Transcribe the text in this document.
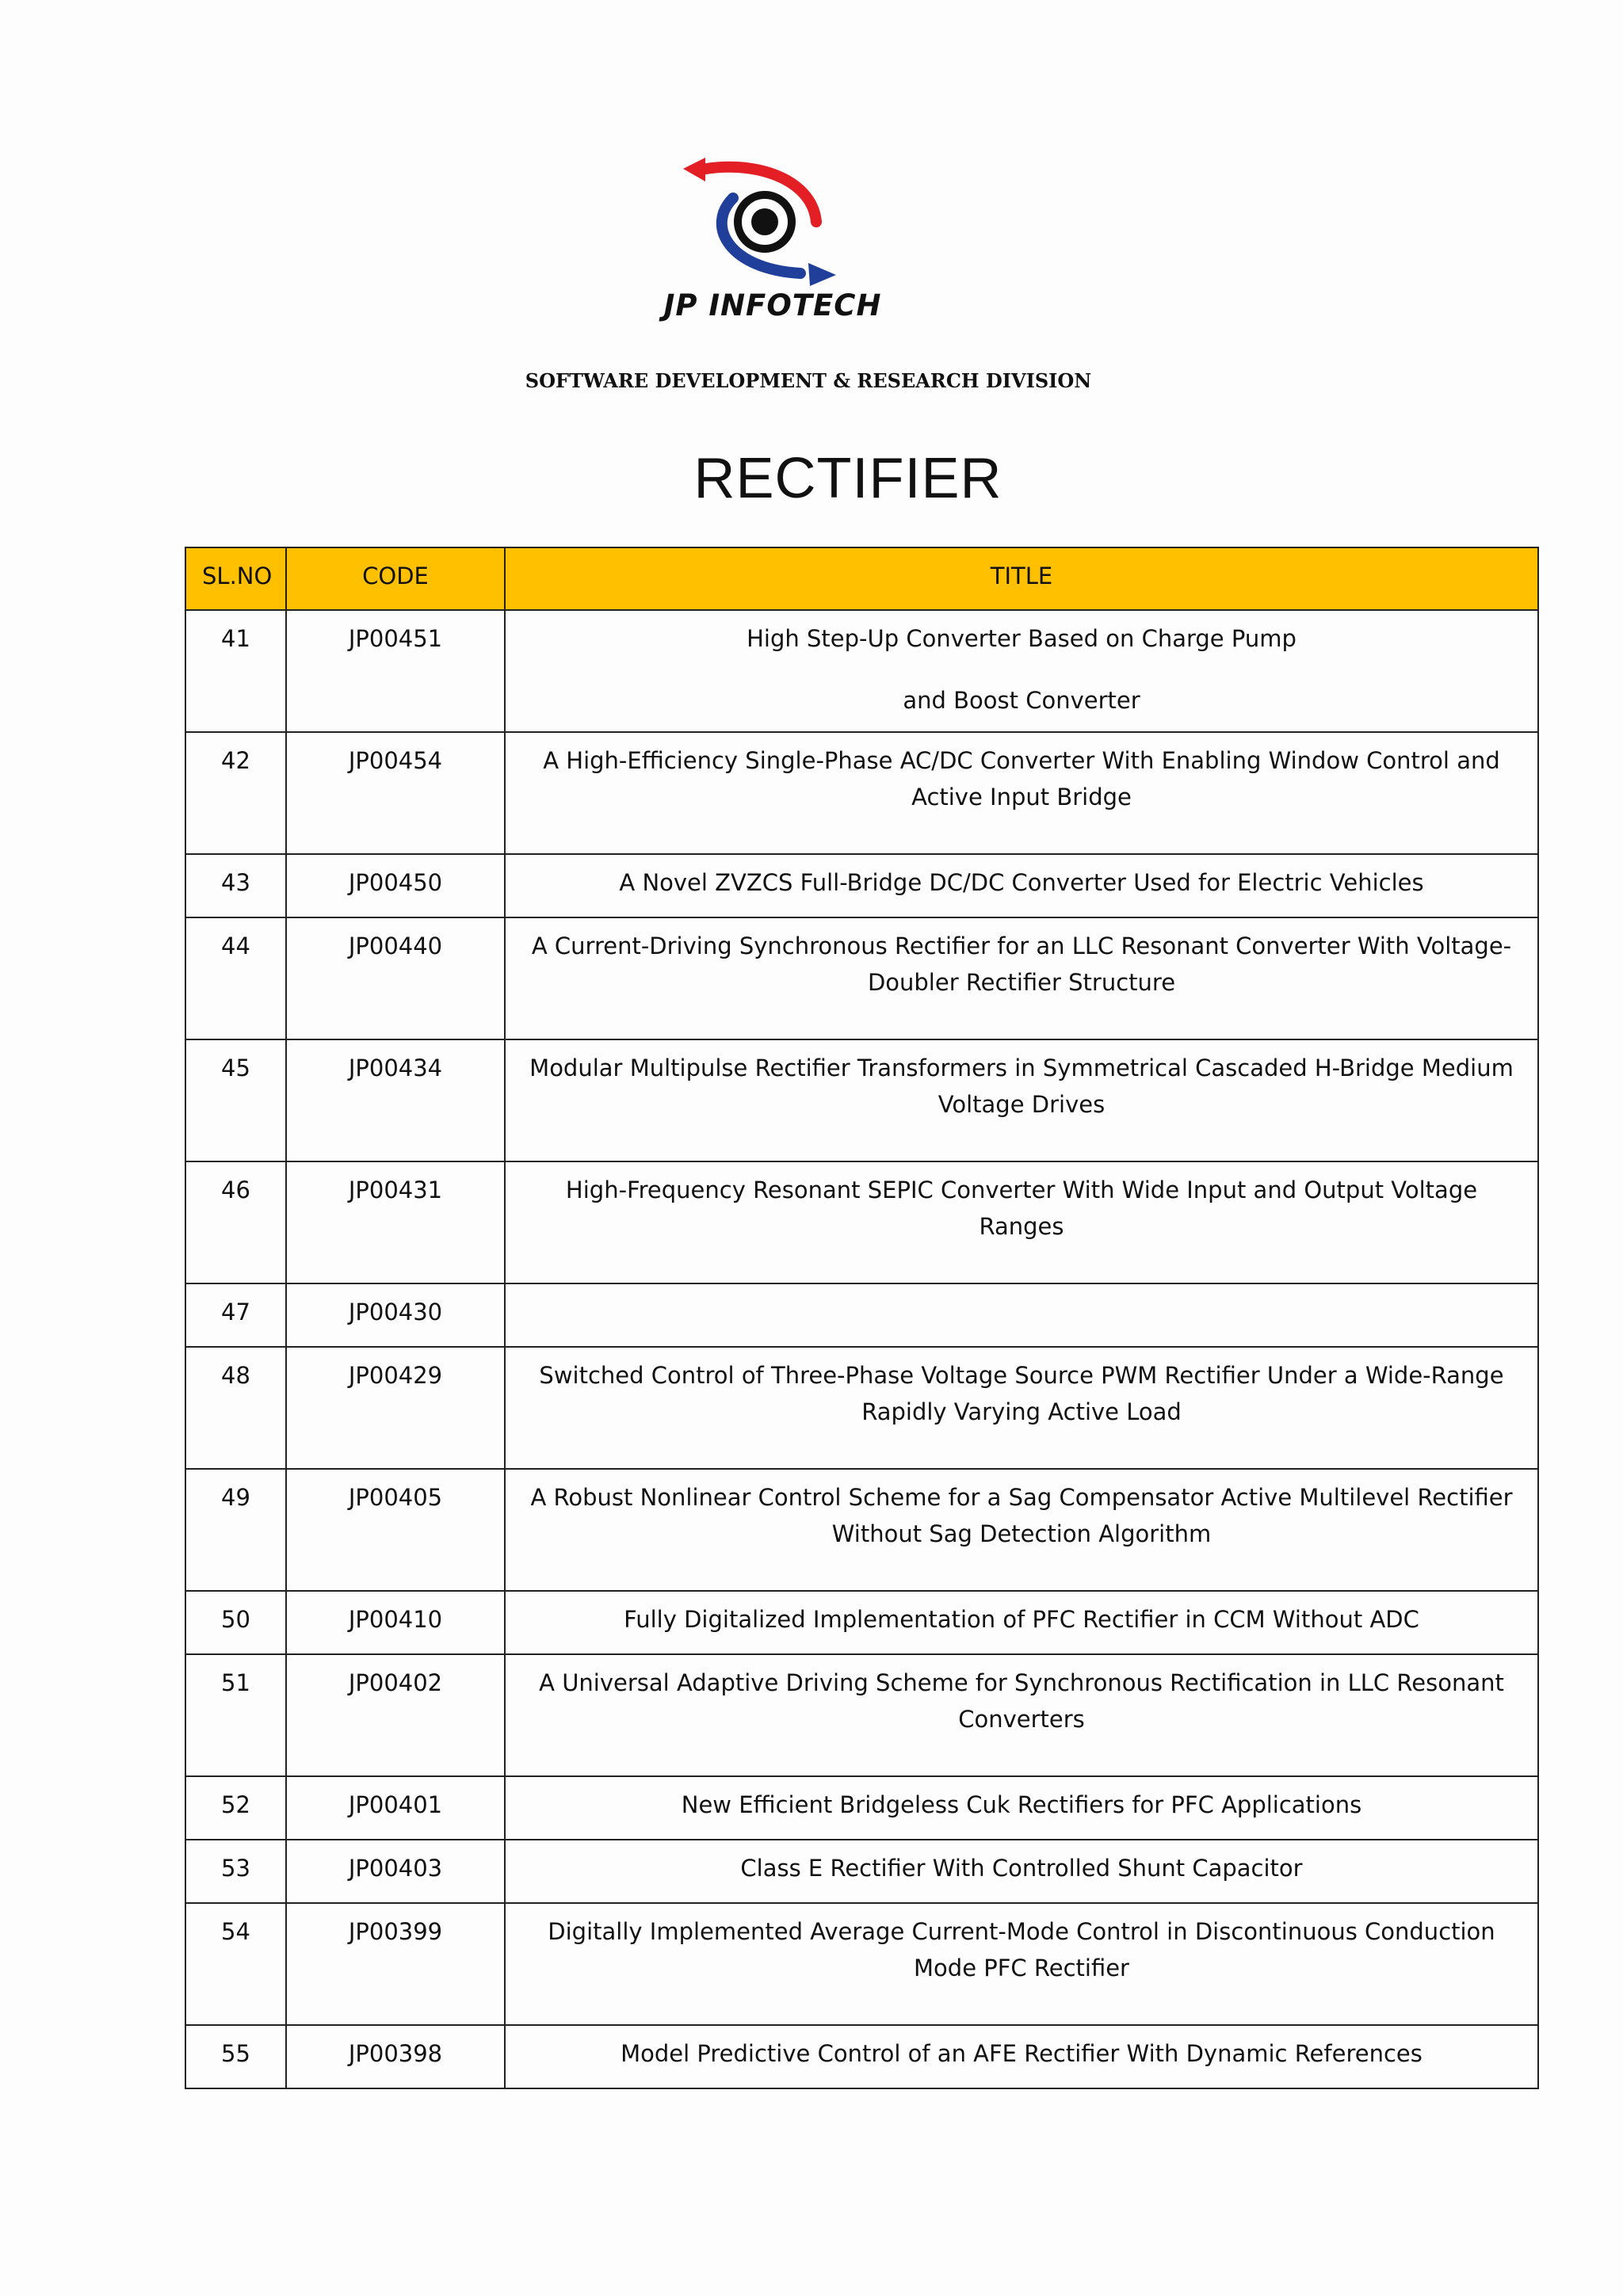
JP INFOTECH
SOFTWARE DEVELOPMENT & RESEARCH DIVISION
RECTIFIER
SL.NO	CODE	TITLE
41	JP00451	High Step-Up Converter Based on Charge Pump
and Boost Converter

42	JP00454	A High-Efficiency Single-Phase AC/DC Converter With Enabling Window Control and Active Input Bridge
43	JP00450	A Novel ZVZCS Full-Bridge DC/DC Converter Used for Electric Vehicles
44	JP00440	A Current-Driving Synchronous Rectifier for an LLC Resonant Converter With Voltage-Doubler Rectifier Structure
45	JP00434	Modular Multipulse Rectifier Transformers in Symmetrical Cascaded H-Bridge Medium Voltage Drives
46	JP00431	High-Frequency Resonant SEPIC Converter With Wide Input and Output Voltage Ranges
47	JP00430	
48	JP00429	Switched Control of Three-Phase Voltage Source PWM Rectifier Under a Wide-Range Rapidly Varying Active Load
49	JP00405	A Robust Nonlinear Control Scheme for a Sag Compensator Active Multilevel Rectifier Without Sag Detection Algorithm
50	JP00410	Fully Digitalized Implementation of PFC Rectifier in CCM Without ADC
51	JP00402	A Universal Adaptive Driving Scheme for Synchronous Rectification in LLC Resonant Converters
52	JP00401	New Efficient Bridgeless Cuk Rectifiers for PFC Applications
53	JP00403	Class E Rectifier With Controlled Shunt Capacitor
54	JP00399	Digitally Implemented Average Current-Mode Control in Discontinuous Conduction Mode PFC Rectifier
55	JP00398	Model Predictive Control of an AFE Rectifier With Dynamic References
